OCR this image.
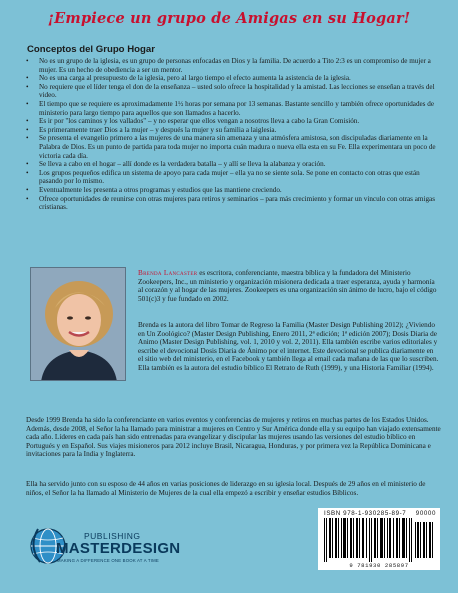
¡Empiece un grupo de Amigas en su Hogar!
Conceptos del Grupo Hogar
• No es un grupo de la iglesia, es un grupo de personas enfocadas en Dios y la familia. De acuerdo a Tito 2:3 es un compromiso de mujer a mujer. Es un hecho de obediencia a ser un mentor.
• No es una carga al presupuesto de la iglesia, pero al largo tiempo el efecto aumenta la asistencia de la iglesia.
• No requiere que el líder tenga el don de la enseñanza – usted solo ofrece la hospitalidad y la amistad. Las lecciones se enseñan a través del video.
• El tiempo que se requiere es aproximadamente 1½ horas por semana por 13 semanas. Bastante sencillo y también ofrece oportunidades de ministerio para largo tiempo para aquellos que son llamados a hacerlo.
• Es ir por "los caminos y los vallados" – y no esperar que ellos vengan a nosotros lleva a cabo la Gran Comisión.
• Es primeramente traer Dios a la mujer – y después la mujer y su familia a laiglesia.
• Se presenta el evangelio primero a las mujeres de una manera sin amenaza y una atmósfera amistosa, son discipuladas diariamente en la Palabra de Dios. Es un punto de partida para toda mujer no importa cuán madura o nueva ella esta en su Fe. Ella experimentara un poco de victoria cada día.
• Se lleva a cabo en el hogar – allí donde es la verdadera batalla – y allí se lleva la alabanza y oración.
• Los grupos pequeños edifica un sistema de apoyo para cada mujer – ella ya no se siente sola. Se pone en contacto con otras que están pasando por lo mismo.
• Eventualmente les presenta a otros programas y estudios que las mantiene creciendo.
• Ofrece oportunidades de reunirse con otras mujeres para retiros y seminarios – para más crecimiento y formar un vinculo con otras amigas cristianas.

Brenda Lancaster es escritora, conferenciante, maestra bíblica y la fundadora del Ministerio Zookeepers, Inc., un ministerio y organización misionera dedicada a traer esperanza, ayuda y harmonía al corazón y al hogar de las mujeres. Zookeepers es una organización sin ánimo de lucro, bajo el código 501(c)3 y fue fundado en 2002.

Brenda es la autora del libro Tomar de Regreso la Familia (Master Design Publishing 2012); ¿Viviendo en Un Zoológico? (Master Design Publishing, Enero 2011, 2ª edición; 1ª edición 2007); Dosis Diaria de Animo (Master Design Publishing, vol. 1, 2010 y vol. 2, 2011). Ella también escribe varios editoriales y escribe el devocional Dosis Diaria de Ánimo por el internet. Este devocional se publica diariamente en el sitio web del ministerio, en el Facebook y también llega al email cada mañana de las que lo suscriben. Ella también es la autora del estudio bíblico El Retrato de Ruth (1999), y una Historia Familiar (1994).

Desde 1999 Brenda ha sido la conferenciante en varios eventos y conferencias de mujeres y retiros en muchas partes de los Estados Unidos. Además, desde 2008, el Señor la ha llamado para ministrar a mujeres en Centro y Sur América donde ella y su equipo han viajado extensamente cada año. Líderes en cada país han sido entrenadas para evangelizar y discipular las mujeres usando las versiones del estudio bíblico en Portugués y en Español. Sus viajes misioneros para 2012 incluye Brasil, Nicaragua, Honduras, y por primera vez la República Dominicana e invitaciones para la India y Inglaterra.
Ella ha servido junto con su esposo de 44 años en varias posiciones de liderazgo en su iglesia local. Después de 29 años en el ministerio de niños, el Señor la ha llamado al Ministerio de Mujeres de la cual ella empezó a escribir y enseñar estudios Bíblicos.
PUBLISHING
MASTERDESIGN
MAKING A DIFFERENCE ONE BOOK AT A TIME
ISBN 978-1-930285-89-7 90000
9 781930 285897
